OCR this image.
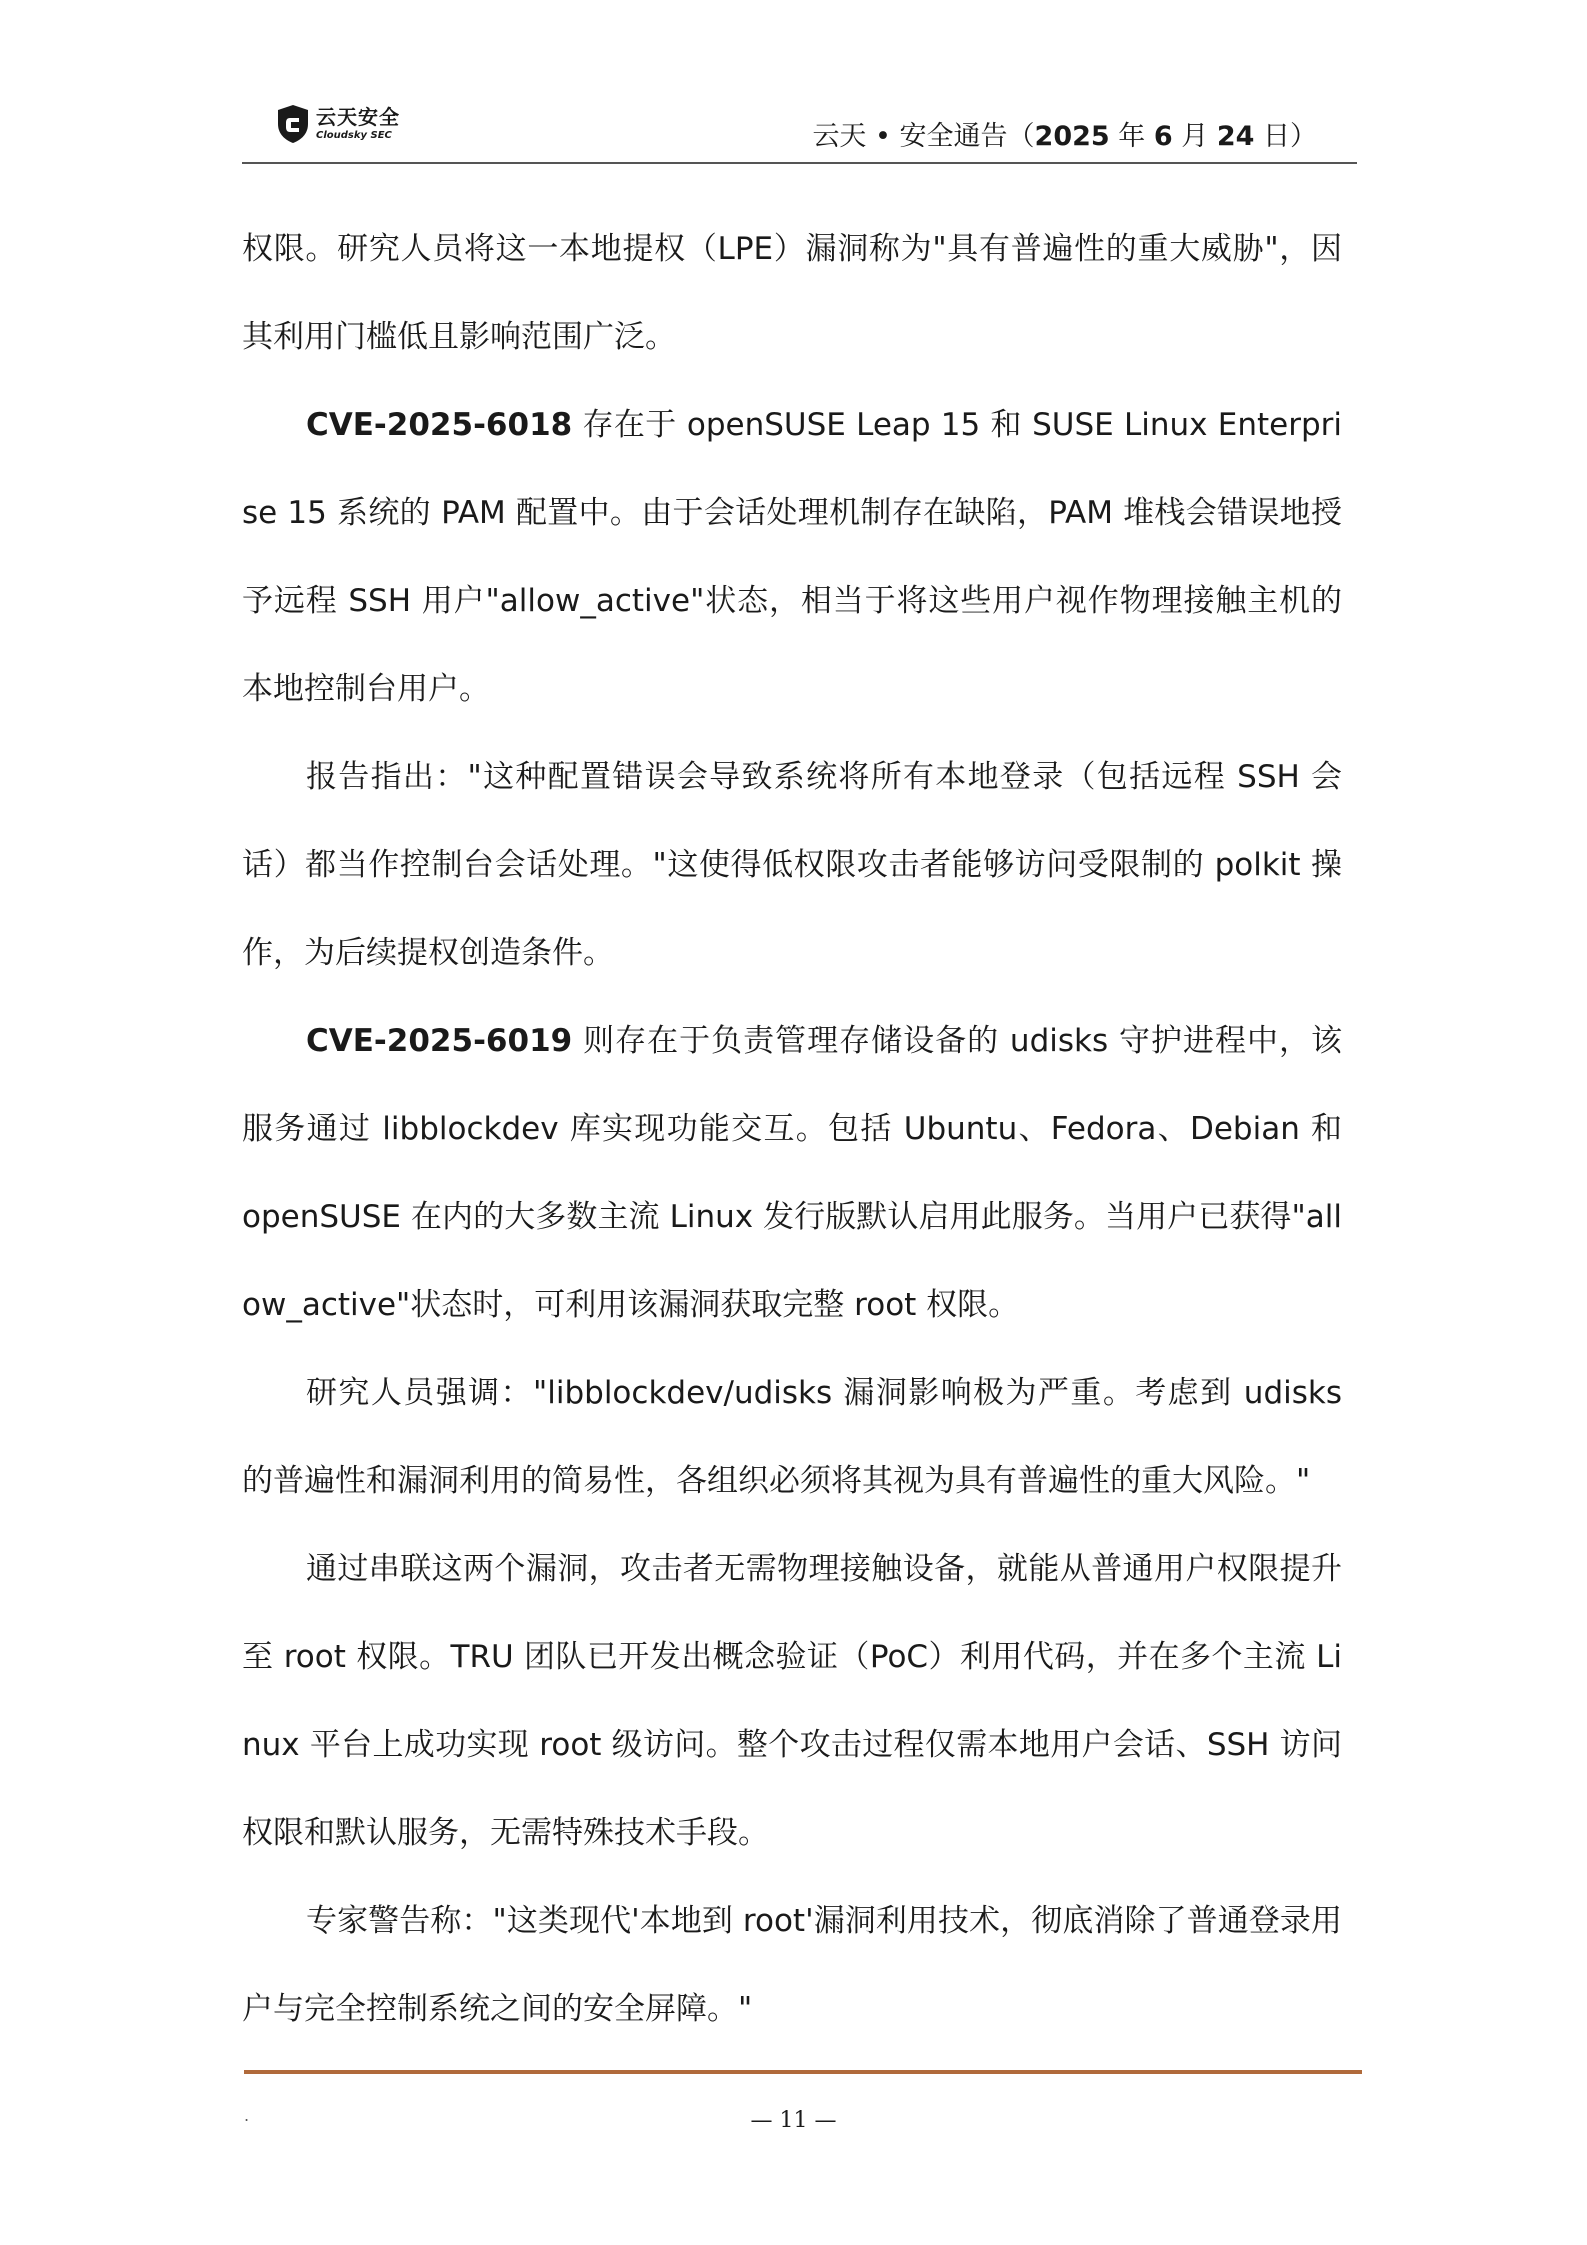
云天安全
Cloudsky SEC	云天 • 安全通告（2025 年 6 月 24 日）

权限。研究人员将这一本地提权（LPE）漏洞称为"具有普遍性的重大威胁"，因其利用门槛低且影响范围广泛。

CVE-2025-6018 存在于 openSUSE Leap 15 和 SUSE Linux Enterprise 15 系统的 PAM 配置中。由于会话处理机制存在缺陷，PAM 堆栈会错误地授予远程 SSH 用户"allow_active"状态，相当于将这些用户视作物理接触主机的本地控制台用户。

报告指出："这种配置错误会导致系统将所有本地登录（包括远程 SSH 会话）都当作控制台会话处理。"这使得低权限攻击者能够访问受限制的 polkit 操作，为后续提权创造条件。

CVE-2025-6019 则存在于负责管理存储设备的 udisks 守护进程中，该服务通过 libblockdev 库实现功能交互。包括 Ubuntu、Fedora、Debian 和 openSUSE 在内的大多数主流 Linux 发行版默认启用此服务。当用户已获得"allow_active"状态时，可利用该漏洞获取完整 root 权限。

研究人员强调："libblockdev/udisks 漏洞影响极为严重。考虑到 udisks 的普遍性和漏洞利用的简易性，各组织必须将其视为具有普遍性的重大风险。"

通过串联这两个漏洞，攻击者无需物理接触设备，就能从普通用户权限提升至 root 权限。TRU 团队已开发出概念验证（PoC）利用代码，并在多个主流 Linux 平台上成功实现 root 级访问。整个攻击过程仅需本地用户会话、SSH 访问权限和默认服务，无需特殊技术手段。

专家警告称："这类现代'本地到 root'漏洞利用技术，彻底消除了普通登录用户与完全控制系统之间的安全屏障。"

.	— 11 —
